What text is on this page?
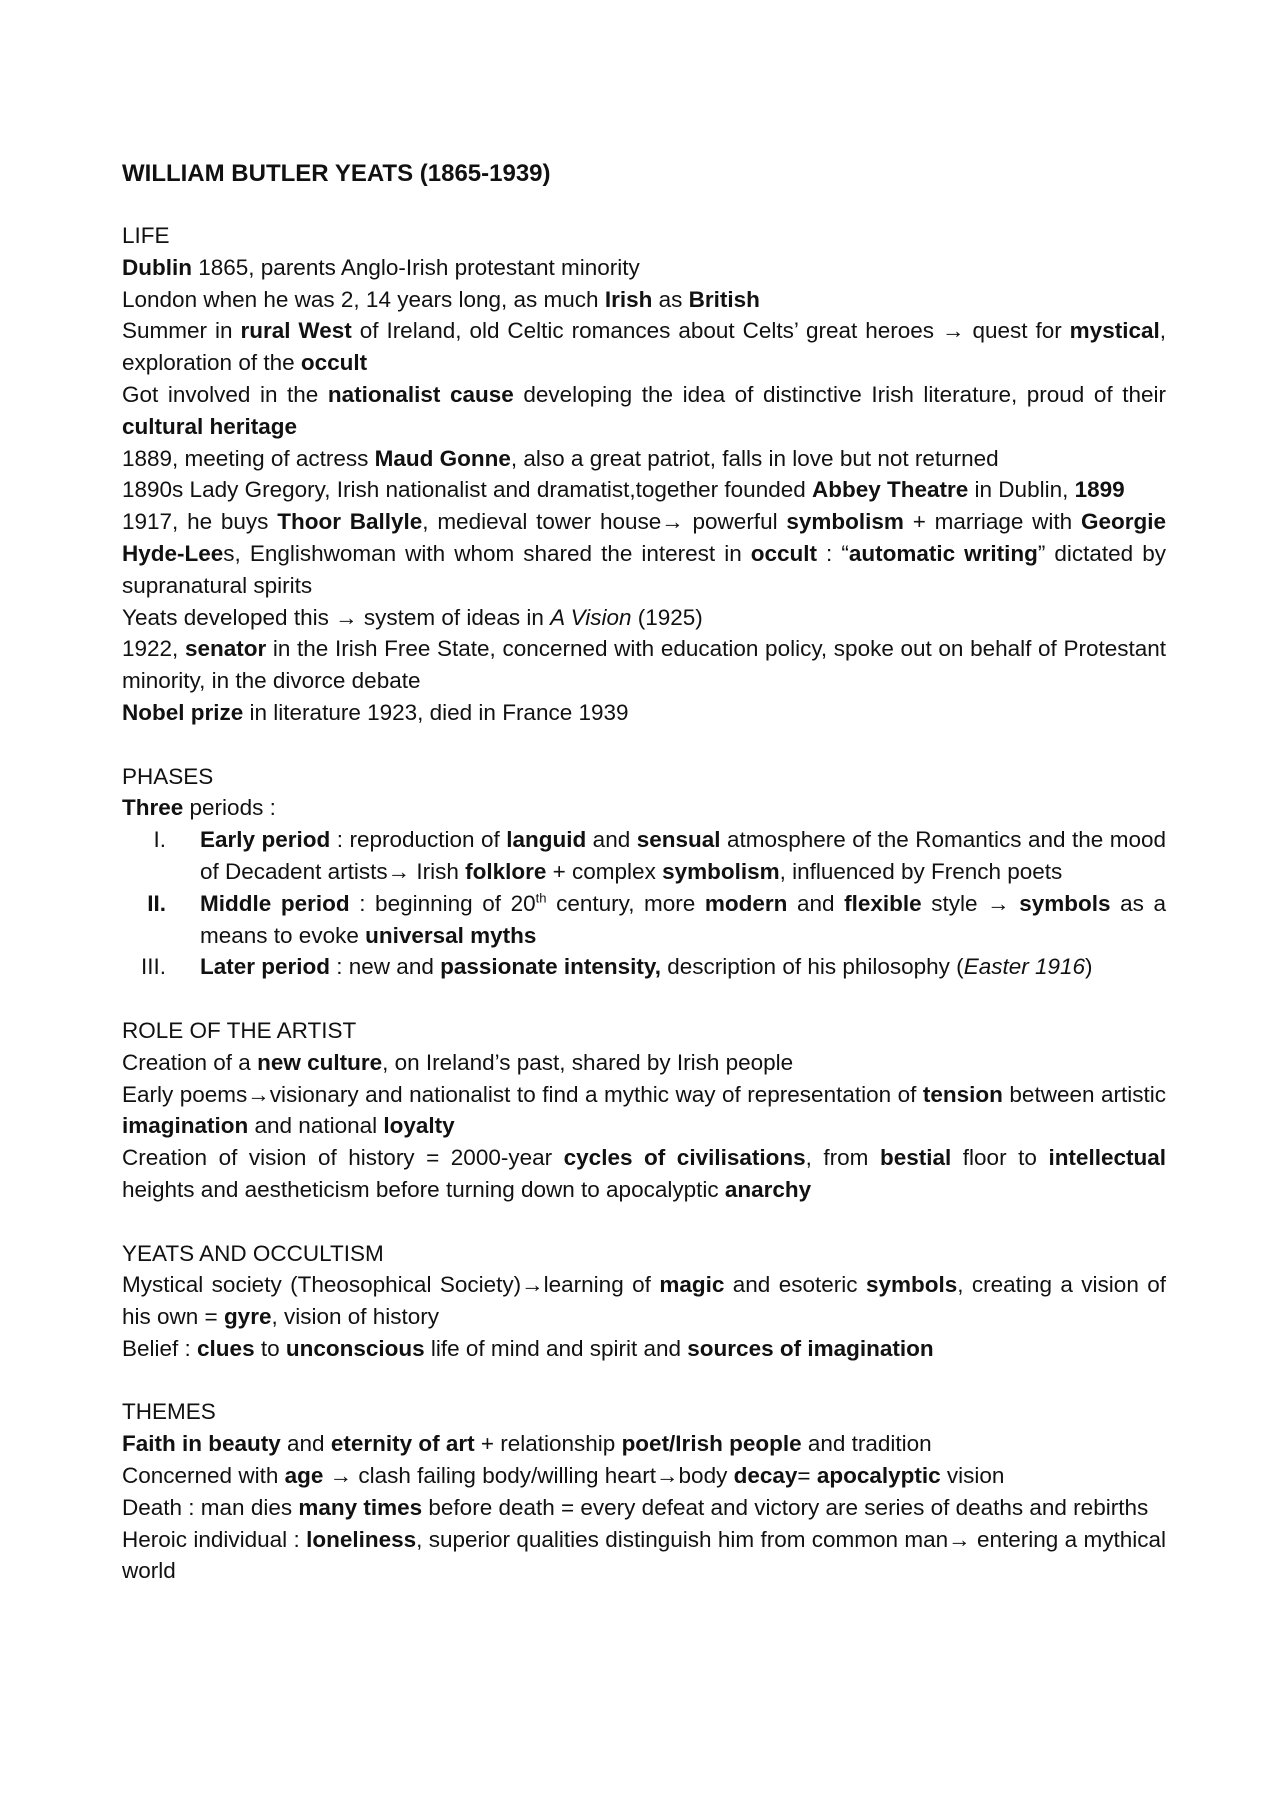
WILLIAM BUTLER YEATS (1865-1939)
LIFE

Dublin 1865, parents Anglo-Irish protestant minority

London when he was 2, 14 years long, as much Irish as British

Summer in rural West of Ireland, old Celtic romances about Celts’ great heroes → quest for mystical, exploration of the occult

Got involved in the nationalist cause developing the idea of distinctive Irish literature, proud of their cultural heritage

1889, meeting of actress Maud Gonne, also a great patriot, falls in love but not returned

1890s Lady Gregory, Irish nationalist and dramatist,together founded Abbey Theatre in Dublin, 1899

1917, he buys Thoor Ballyle, medieval tower house→ powerful symbolism + marriage with Georgie Hyde-Lees, Englishwoman with whom shared the interest in occult : “automatic writing” dictated by supranatural spirits

Yeats developed this → system of ideas in A Vision (1925)

1922, senator in the Irish Free State, concerned with education policy, spoke out on behalf of Protestant minority, in the divorce debate

Nobel prize in literature 1923, died in France 1939

PHASES

Three periods :

I. Early period : reproduction of languid and sensual atmosphere of the Romantics and the mood of Decadent artists→ Irish folklore + complex symbolism, influenced by French poets
II. Middle period : beginning of 20th century, more modern and flexible style → symbols as a means to evoke universal myths
III. Later period : new and passionate intensity, description of his philosophy (Easter 1916)
ROLE OF THE ARTIST

Creation of a new culture, on Ireland’s past, shared by Irish people

Early poems→visionary and nationalist to find a mythic way of representation of tension between artistic imagination and national loyalty

Creation of vision of history = 2000-year cycles of civilisations, from bestial floor to intellectual heights and aestheticism before turning down to apocalyptic anarchy

YEATS AND OCCULTISM

Mystical society (Theosophical Society)→learning of magic and esoteric symbols, creating a vision of his own = gyre, vision of history

Belief : clues to unconscious life of mind and spirit and sources of imagination

THEMES

Faith in beauty and eternity of art + relationship poet/Irish people and tradition

Concerned with age → clash failing body/willing heart→body decay= apocalyptic vision

Death : man dies many times before death = every defeat and victory are series of deaths and rebirths

Heroic individual : loneliness, superior qualities distinguish him from common man→ entering a mythical world
